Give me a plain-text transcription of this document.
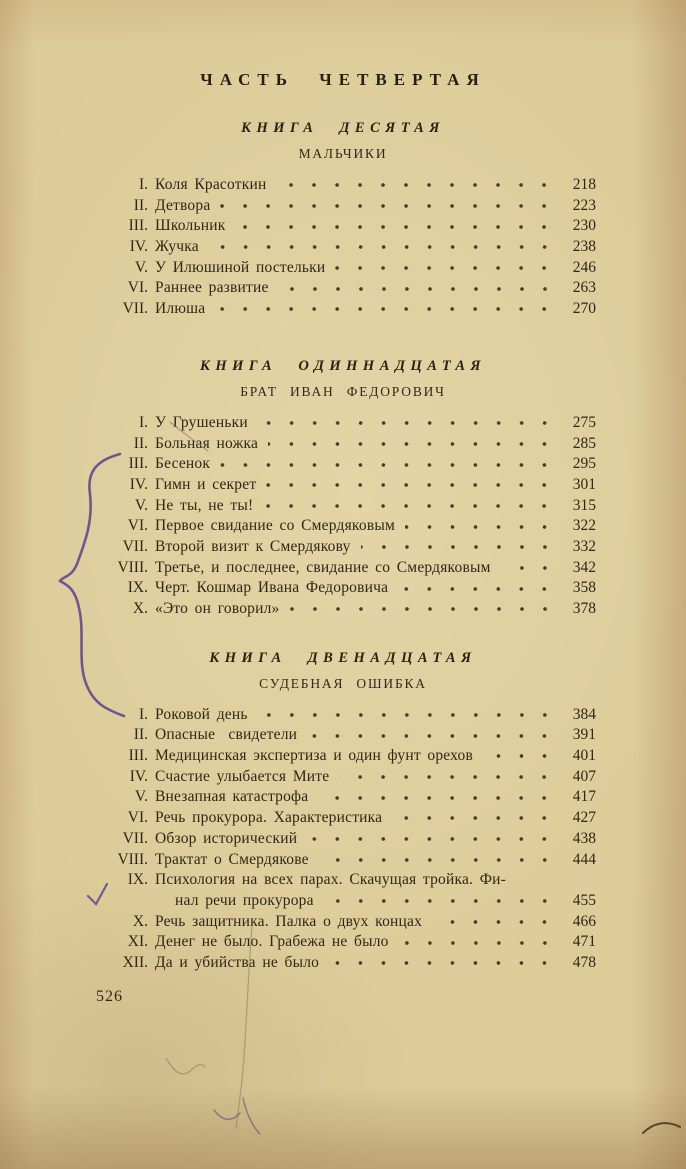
ЧАСТЬ ЧЕТВЕРТАЯ
КНИГА ДЕСЯТАЯ
МАЛЬЧИКИ
I. Коля Красоткин	218
II. Детвора	223
III. Школьник	230
IV. Жучка	238
V. У Илюшиной постельки	246
VI. Раннее развитие	263
VII. Илюша	270
КНИГА ОДИННАДЦАТАЯ
БРАТ ИВАН ФЕДОРОВИЧ
I. У Грушеньки	275
II. Больная ножка	285
III. Бесенок	295
IV. Гимн и секрет	301
V. Не ты, не ты!	315
VI. Первое свидание со Смердяковым	322
VII. Второй визит к Смердякову	332
VIII. Третье, и последнее, свидание со Смердяковым	342
IX. Черт. Кошмар Ивана Федоровича	358
X. «Это он говорил»	378
КНИГА ДВЕНАДЦАТАЯ
СУДЕБНАЯ ОШИБКА
I. Роковой день	384
II. Опасные  свидетели	391
III. Медицинская экспертиза и один фунт орехов	401
IV. Счастие улыбается Мите	407
V. Внезапная катастрофа	417
VI. Речь прокурора. Характеристика	427
VII. Обзор исторический	438
VIII. Трактат о Смердякове	444
IX. Психология на всех парах. Скачущая тройка. Фи-
нал речи прокурора	455
X. Речь защитника. Палка о двух концах	466
XI. Денег не было. Грабежа не было	471
XII. Да и убийства не было	478
526
